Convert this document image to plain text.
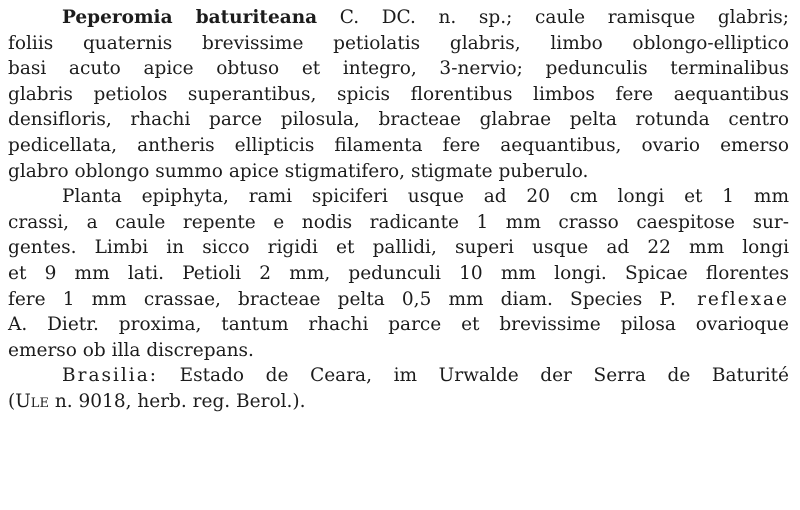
Peperomia baturiteana C. DC. n. sp.; caule ramisque glabris;
foliis quaternis brevissime petiolatis glabris, limbo oblongo-elliptico
basi acuto apice obtuso et integro, 3-nervio; pedunculis terminalibus
glabris petiolos superantibus, spicis florentibus limbos fere aequantibus
densifloris, rhachi parce pilosula, bracteae glabrae pelta rotunda centro
pedicellata, antheris ellipticis filamenta fere aequantibus, ovario emerso
glabro oblongo summo apice stigmatifero, stigmate puberulo.
Planta epiphyta, rami spiciferi usque ad 20 cm longi et 1 mm
crassi, a caule repente e nodis radicante 1 mm crasso caespitose sur-
gentes. Limbi in sicco rigidi et pallidi, superi usque ad 22 mm longi
et 9 mm lati. Petioli 2 mm, pedunculi 10 mm longi. Spicae florentes
fere 1 mm crassae, bracteae pelta 0,5 mm diam. Species P. reflexae
A. Dietr. proxima, tantum rhachi parce et brevissime pilosa ovarioque
emerso ob illa discrepans.
Brasilia: Estado de Ceara, im Urwalde der Serra de Baturité
(Ule n. 9018, herb. reg. Berol.).
